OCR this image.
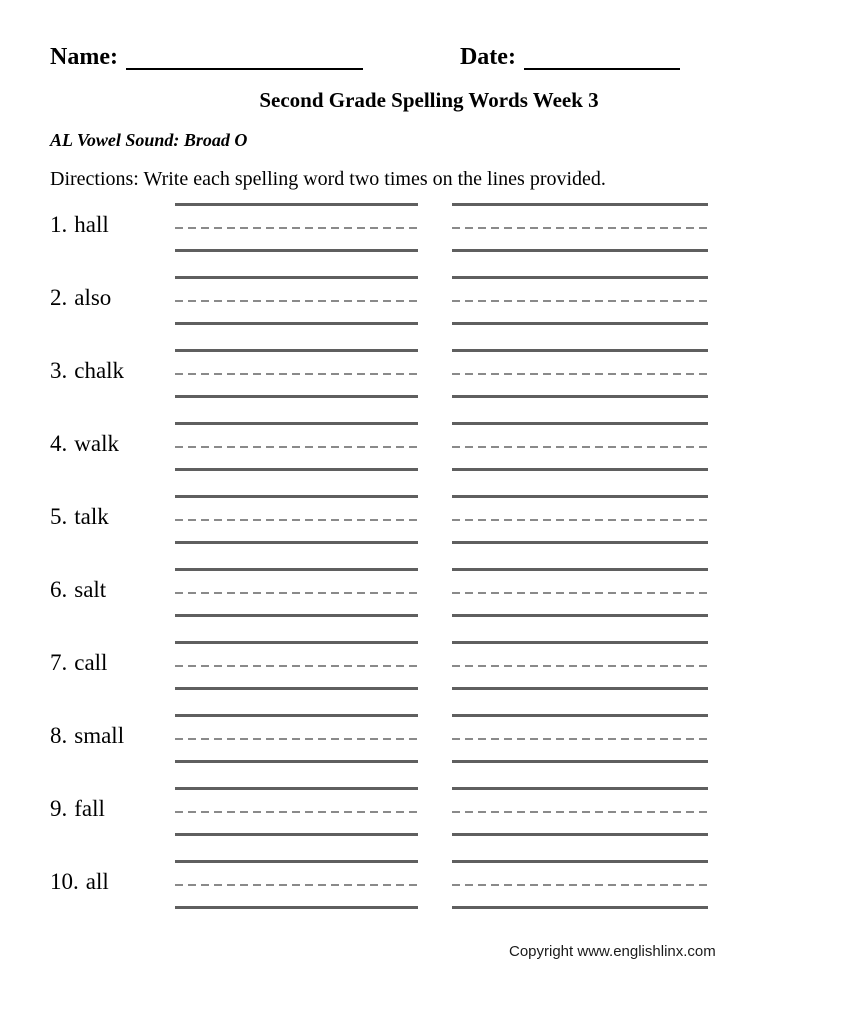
Name:	Date:
Second Grade Spelling Words Week 3
AL Vowel Sound: Broad O
Directions: Write each spelling word two times on the lines provided.
1. hall
2. also
3. chalk
4. walk
5. talk
6. salt
7. call
8. small
9. fall
10. all
Copyright www.englishlinx.com
